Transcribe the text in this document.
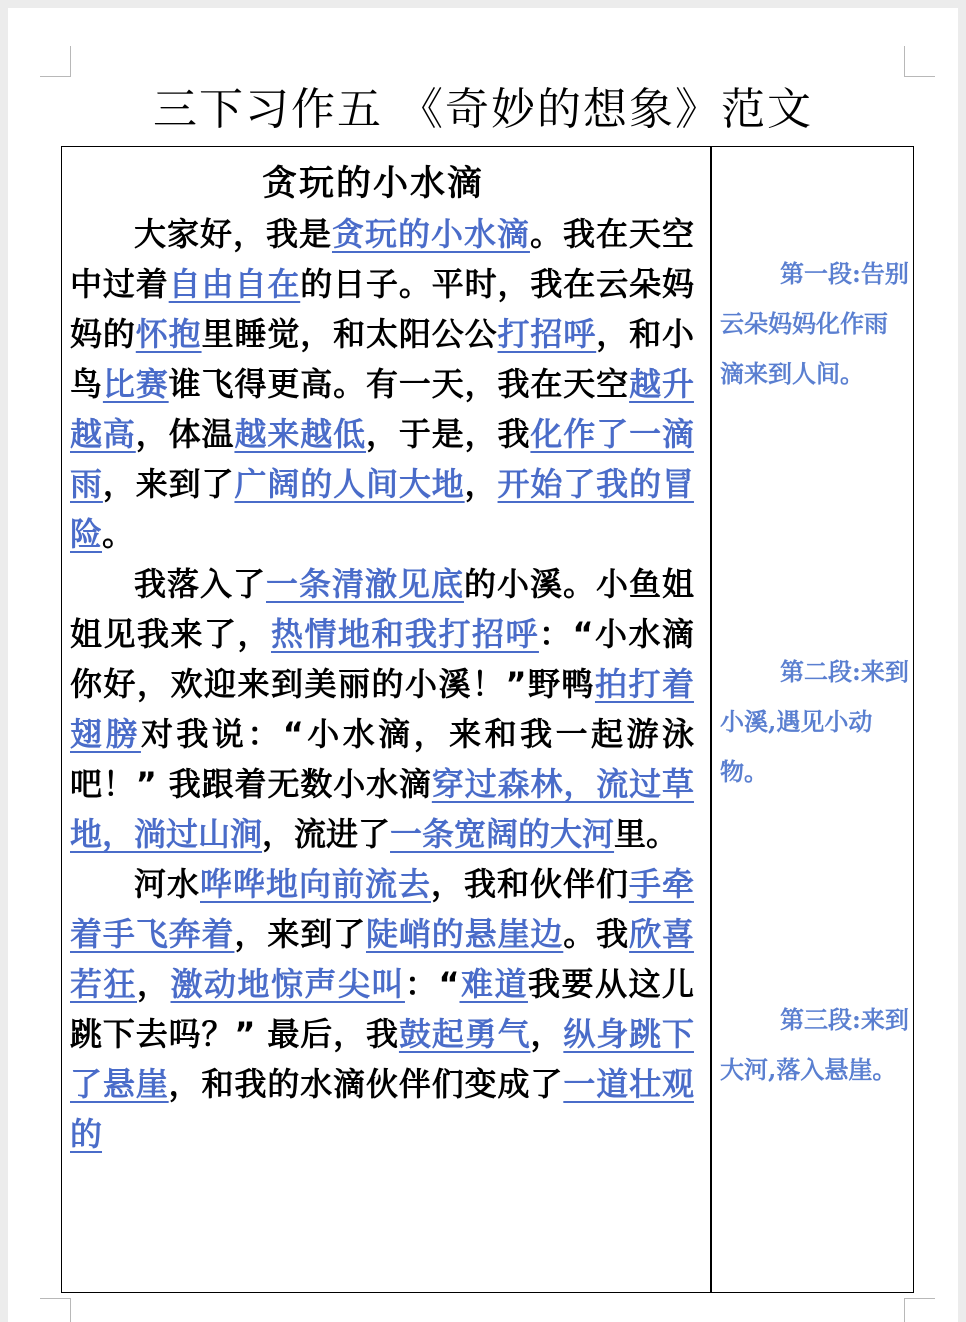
三下习作五 《奇妙的想象》范文
贪玩的小水滴

大家好，我是贪玩的小水滴。我在天空中过着自由自在的日子。平时，我在云朵妈妈的怀抱里睡觉，和太阳公公打招呼，和小鸟比赛谁飞得更高。有一天，我在天空越升越高，体温越来越低，于是，我化作了一滴雨，来到了广阔的人间大地，开始了我的冒险。

我落入了一条清澈见底的小溪。小鱼姐姐见我来了，热情地和我打招呼：“小水滴你好，欢迎来到美丽的小溪！”野鸭拍打着翅膀对我说：“小水滴，来和我一起游泳吧！” 我跟着无数小水滴穿过森林，流过草地，淌过山涧，流进了一条宽阔的大河里。

河水哗哗地向前流去，我和伙伴们手牵着手飞奔着，来到了陡峭的悬崖边。我欣喜若狂，激动地惊声尖叫：“难道我要从这儿跳下去吗？” 最后，我鼓起勇气，纵身跳下了悬崖，和我的水滴伙伴们变成了一道壮观的

第一段:告别云朵妈妈化作雨滴来到人间。

第二段:来到小溪,遇见小动物。

第三段:来到大河,落入悬崖。
